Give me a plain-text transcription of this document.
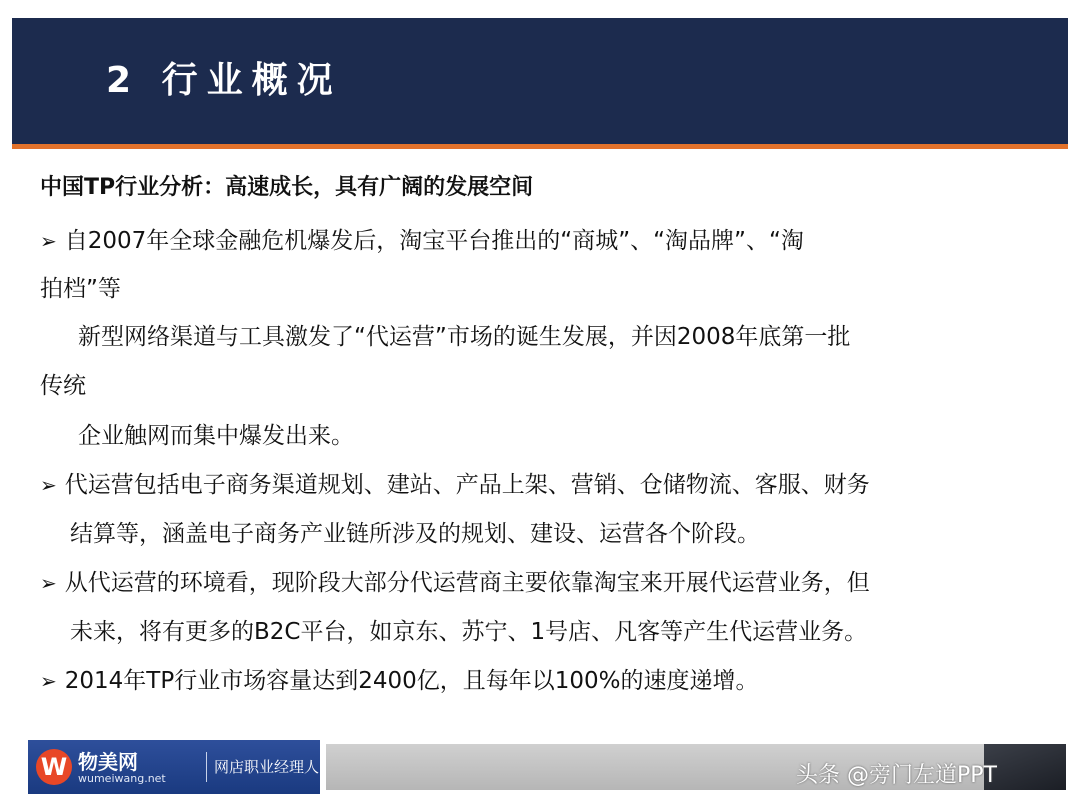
2 行业概况
中国TP行业分析：高速成长，具有广阔的发展空间
➢ 自2007年全球金融危机爆发后，淘宝平台推出的“商城”、“淘品牌”、“淘
拍档”等
新型网络渠道与工具激发了“代运营”市场的诞生发展，并因2008年底第一批
传统
企业触网而集中爆发出来。
➢ 代运营包括电子商务渠道规划、建站、产品上架、营销、仓储物流、客服、财务
结算等，涵盖电子商务产业链所涉及的规划、建设、运营各个阶段。
➢ 从代运营的环境看，现阶段大部分代运营商主要依靠淘宝来开展代运营业务，但
未来，将有更多的B2C平台，如京东、苏宁、1号店、凡客等产生代运营业务。
➢ 2014年TP行业市场容量达到2400亿，且每年以100%的速度递增。
W 物美网
wumeiwang.net
网店职业经理人	头条 @旁门左道PPT
